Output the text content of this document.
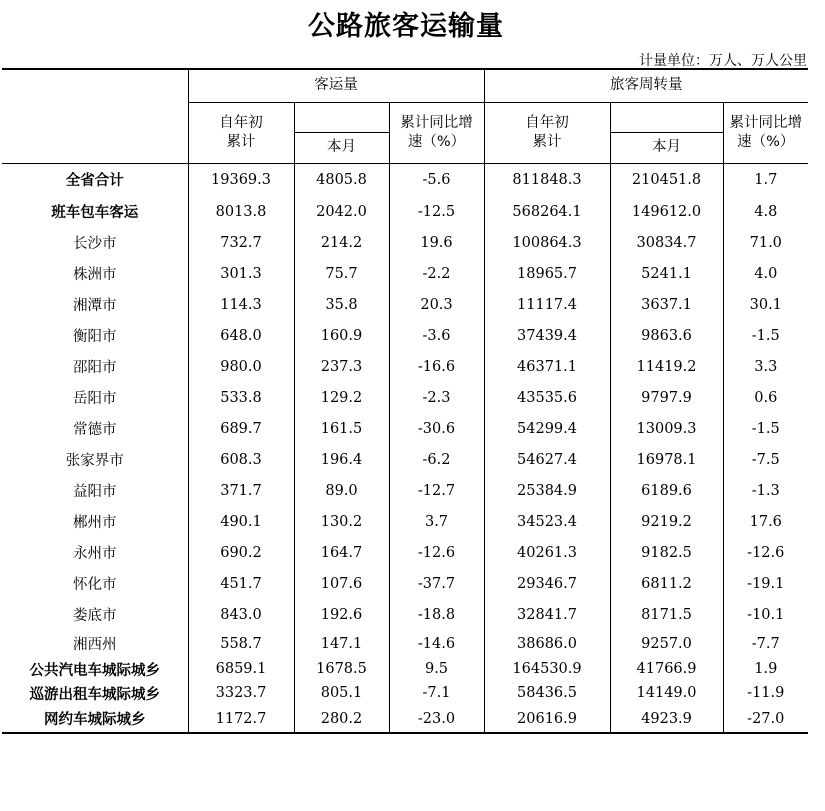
公路旅客运输量
计量单位：万人、万人公里
	客运量			旅客周转量		
	自年初累计		累计同比增速（%）	自年初累计		累计同比增速（%）
		本月			本月	
全省合计	19369.3	4805.8	-5.6	811848.3	210451.8	1.7
班车包车客运	8013.8	2042.0	-12.5	568264.1	149612.0	4.8
长沙市	732.7	214.2	19.6	100864.3	30834.7	71.0
株洲市	301.3	75.7	-2.2	18965.7	5241.1	4.0
湘潭市	114.3	35.8	20.3	11117.4	3637.1	30.1
衡阳市	648.0	160.9	-3.6	37439.4	9863.6	-1.5
邵阳市	980.0	237.3	-16.6	46371.1	11419.2	3.3
岳阳市	533.8	129.2	-2.3	43535.6	9797.9	0.6
常德市	689.7	161.5	-30.6	54299.4	13009.3	-1.5
张家界市	608.3	196.4	-6.2	54627.4	16978.1	-7.5
益阳市	371.7	89.0	-12.7	25384.9	6189.6	-1.3
郴州市	490.1	130.2	3.7	34523.4	9219.2	17.6
永州市	690.2	164.7	-12.6	40261.3	9182.5	-12.6
怀化市	451.7	107.6	-37.7	29346.7	6811.2	-19.1
娄底市	843.0	192.6	-18.8	32841.7	8171.5	-10.1
湘西州	558.7	147.1	-14.6	38686.0	9257.0	-7.7
公共汽电车城际城乡	6859.1	1678.5	9.5	164530.9	41766.9	1.9
巡游出租车城际城乡	3323.7	805.1	-7.1	58436.5	14149.0	-11.9
网约车城际城乡	1172.7	280.2	-23.0	20616.9	4923.9	-27.0
